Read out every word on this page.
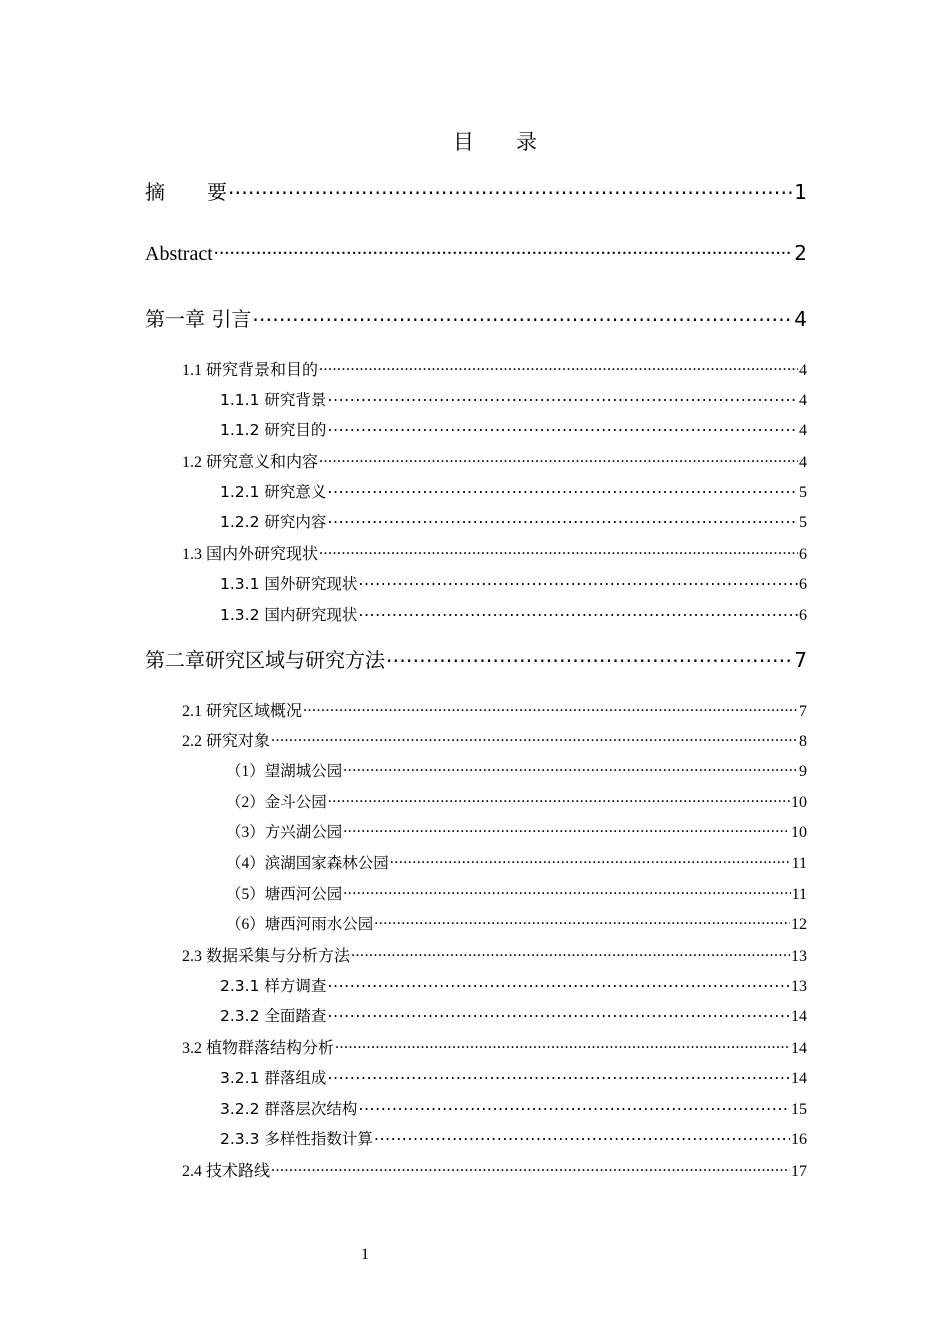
目 录
摘 要 .....	1
Abstract .....	2
第一章 引言 .....	4
1.1 研究背景和目的 .....	4
1.1.1 研究背景 .....	4
1.1.2 研究目的 .....	4
1.2 研究意义和内容 .....	4
1.2.1 研究意义 .....	5
1.2.2 研究内容 .....	5
1.3 国内外研究现状 .....	6
1.3.1 国外研究现状 .....	6
1.3.2 国内研究现状 .....	6
第二章研究区域与研究方法 .....	7
2.1 研究区域概况 .....	7
2.2 研究对象 .....	8
（1）望湖城公园 .....	9
（2）金斗公园 .....	10
（3）方兴湖公园 .....	10
（4）滨湖国家森林公园 .....	11
（5）塘西河公园 .....	11
（6）塘西河雨水公园 .....	12
2.3 数据采集与分析方法 .....	13
2.3.1 样方调查 .....	13
2.3.2 全面踏查 .....	14
3.2 植物群落结构分析 .....	14
3.2.1 群落组成 .....	14
3.2.2 群落层次结构 .....	15
2.3.3 多样性指数计算 .....	16
2.4 技术路线 .....	17
1
